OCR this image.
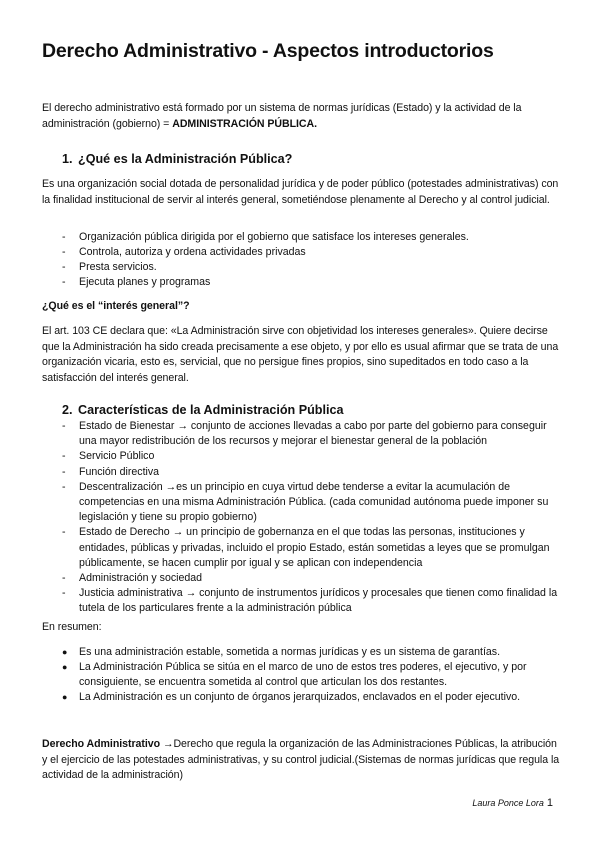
Derecho Administrativo - Aspectos introductorios
El derecho administrativo está formado por un sistema de normas jurídicas (Estado) y la actividad de la administración (gobierno) = ADMINISTRACIÓN PÚBLICA.
1. ¿Qué es la Administración Pública?
Es una organización social dotada de personalidad jurídica y de poder público (potestades administrativas) con la finalidad institucional de servir al interés general, sometiéndose plenamente al Derecho y al control judicial.
- Organización pública dirigida por el gobierno que satisface los intereses generales.
- Controla, autoriza y ordena actividades privadas
- Presta servicios.
- Ejecuta planes y programas
¿Qué es el “interés general”?
El art. 103 CE declara que: «La Administración sirve con objetividad los intereses generales». Quiere decirse que la Administración ha sido creada precisamente a ese objeto, y por ello es usual afirmar que se trata de una organización vicaria, esto es, servicial, que no persigue fines propios, sino supeditados en todo caso a la satisfacción del interés general.
2. Características de la Administración Pública
- Estado de Bienestar → conjunto de acciones llevadas a cabo por parte del gobierno para conseguir una mayor redistribución de los recursos y mejorar el bienestar general de la población
- Servicio Público
- Función directiva
- Descentralización →es un principio en cuya virtud debe tenderse a evitar la acumulación de competencias en una misma Administración Pública. (cada comunidad autónoma puede imponer su legislación y tiene su propio gobierno)
- Estado de Derecho → un principio de gobernanza en el que todas las personas, instituciones y entidades, públicas y privadas, incluido el propio Estado, están sometidas a leyes que se promulgan públicamente, se hacen cumplir por igual y se aplican con independencia
- Administración y sociedad
- Justicia administrativa → conjunto de instrumentos jurídicos y procesales que tienen como finalidad la tutela de los particulares frente a la administración pública
En resumen:
● Es una administración estable, sometida a normas jurídicas y es un sistema de garantías.
● La Administración Pública se sitúa en el marco de uno de estos tres poderes, el ejecutivo, y por consiguiente, se encuentra sometida al control que articulan los dos restantes.
● La Administración es un conjunto de órganos jerarquizados, enclavados en el poder ejecutivo.
Derecho Administrativo →Derecho que regula la organización de las Administraciones Públicas, la atribución y el ejercicio de las potestades administrativas, y su control judicial.(Sistemas de normas jurídicas que regula la actividad de la administración)
Laura Ponce Lora 1
